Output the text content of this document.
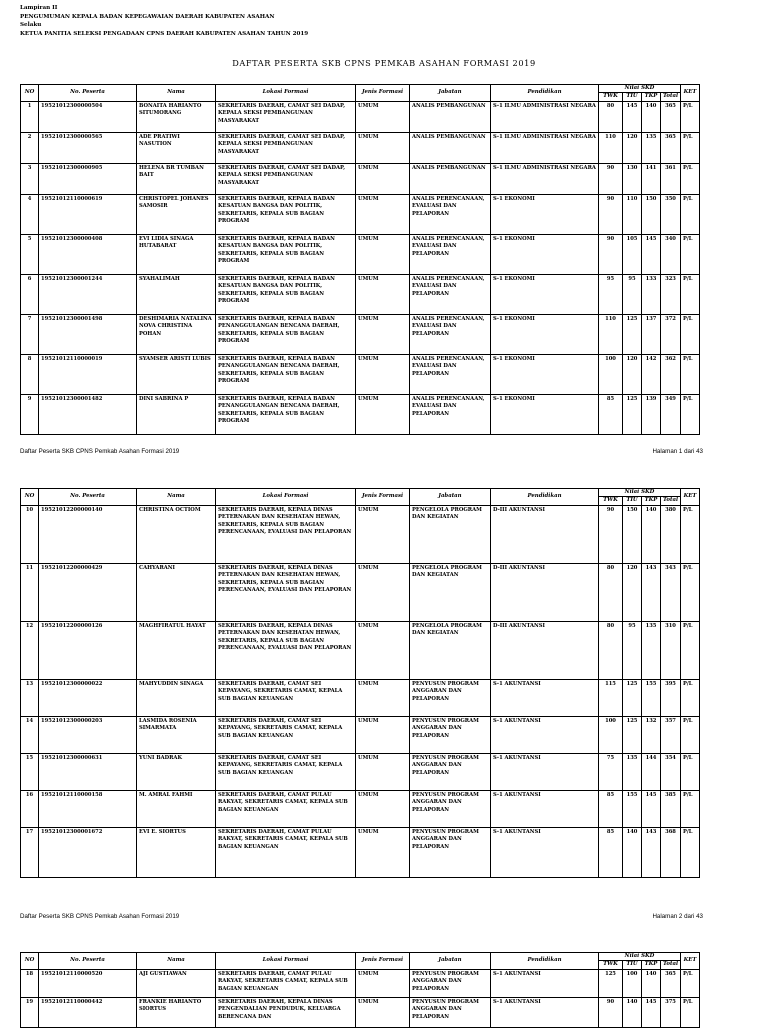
Lampiran II
PENGUMUMAN KEPALA BADAN KEPEGAWAIAN DAERAH KABUPATEN ASAHAN
Selaku
KETUA PANITIA SELEKSI PENGADAAN CPNS DAERAH KABUPATEN ASAHAN TAHUN 2019
DAFTAR PESERTA SKB CPNS PEMKAB ASAHAN FORMASI 2019
NO	No. Peserta	Nama	Lokasi Formasi	Jenis Formasi	Jabatan	Pendidikan	Nilai SKD				KET
							TWK	TIU	TKP	Total	
1	19521012300000504	BONAITA HARIANTO SITUMORANG	SEKRETARIS DAERAH, CAMAT SEI DADAP, KEPALA SEKSI PEMBANGUNAN MASYARAKAT	UMUM	ANALIS PEMBANGUNAN	S-1 ILMU ADMINISTRASI NEGARA	80	145	140	365	P/L
2	19521012300000565	ADE PRATIWI NASUTION	SEKRETARIS DAERAH, CAMAT SEI DADAP, KEPALA SEKSI PEMBANGUNAN MASYARAKAT	UMUM	ANALIS PEMBANGUNAN	S-1 ILMU ADMINISTRASI NEGARA	110	120	135	365	P/L
3	19521012300000905	HELENA BR TUMBAN BAIT	SEKRETARIS DAERAH, CAMAT SEI DADAP, KEPALA SEKSI PEMBANGUNAN MASYARAKAT	UMUM	ANALIS PEMBANGUNAN	S-1 ILMU ADMINISTRASI NEGARA	90	130	141	361	P/L
4	19521012110000619	CHRISTOPEL JOHANES SAMOSIR	SEKRETARIS DAERAH, KEPALA BADAN KESATUAN BANGSA DAN POLITIK, SEKRETARIS, KEPALA SUB BAGIAN PROGRAM	UMUM	ANALIS PERENCANAAN, EVALUASI DAN PELAPORAN	S-1 EKONOMI	90	110	150	350	P/L
5	19521012300000408	EVI LIDIA SINAGA HUTABARAT	SEKRETARIS DAERAH, KEPALA BADAN KESATUAN BANGSA DAN POLITIK, SEKRETARIS, KEPALA SUB BAGIAN PROGRAM	UMUM	ANALIS PERENCANAAN, EVALUASI DAN PELAPORAN	S-1 EKONOMI	90	105	145	340	P/L
6	19521012300001244	SYAHALIMAH	SEKRETARIS DAERAH, KEPALA BADAN KESATUAN BANGSA DAN POLITIK, SEKRETARIS, KEPALA SUB BAGIAN PROGRAM	UMUM	ANALIS PERENCANAAN, EVALUASI DAN PELAPORAN	S-1 EKONOMI	95	95	133	323	P/L
7	19521012300001498	DESHIMARIA NATALINA NOVA CHRISTINA POHAN	SEKRETARIS DAERAH, KEPALA BADAN PENANGGULANGAN BENCANA DAERAH, SEKRETARIS, KEPALA SUB BAGIAN PROGRAM	UMUM	ANALIS PERENCANAAN, EVALUASI DAN PELAPORAN	S-1 EKONOMI	110	125	137	372	P/L
8	19521012110000019	SYAMSER ARISTI LUBIS	SEKRETARIS DAERAH, KEPALA BADAN PENANGGULANGAN BENCANA DAERAH, SEKRETARIS, KEPALA SUB BAGIAN PROGRAM	UMUM	ANALIS PERENCANAAN, EVALUASI DAN PELAPORAN	S-1 EKONOMI	100	120	142	362	P/L
9	19521012300001482	DINI SABRINA P	SEKRETARIS DAERAH, KEPALA BADAN PENANGGULANGAN BENCANA DAERAH, SEKRETARIS, KEPALA SUB BAGIAN PROGRAM	UMUM	ANALIS PERENCANAAN, EVALUASI DAN PELAPORAN	S-1 EKONOMI	85	125	139	349	P/L
NO	No. Peserta	Nama	Lokasi Formasi	Jenis Formasi	Jabatan	Pendidikan	Nilai SKD				KET
							TWK	TIU	TKP	Total	
10	19521012200000140	CHRISTINA OCTIOM	SEKRETARIS DAERAH, KEPALA DINAS PETERNAKAN DAN KESEHATAN HEWAN, SEKRETARIS, KEPALA SUB BAGIAN PERENCANAAN, EVALUASI DAN PELAPORAN	UMUM	PENGELOLA PROGRAM DAN KEGIATAN	D-III AKUNTANSI	90	150	140	380	P/L
11	19521012200000429	CAHYARANI	SEKRETARIS DAERAH, KEPALA DINAS PETERNAKAN DAN KESEHATAN HEWAN, SEKRETARIS, KEPALA SUB BAGIAN PERENCANAAN, EVALUASI DAN PELAPORAN	UMUM	PENGELOLA PROGRAM DAN KEGIATAN	D-III AKUNTANSI	80	120	143	343	P/L
12	19521012200000126	MAGHFIRATUL HAYAT	SEKRETARIS DAERAH, KEPALA DINAS PETERNAKAN DAN KESEHATAN HEWAN, SEKRETARIS, KEPALA SUB BAGIAN PERENCANAAN, EVALUASI DAN PELAPORAN	UMUM	PENGELOLA PROGRAM DAN KEGIATAN	D-III AKUNTANSI	80	95	135	310	P/L
13	19521012300000022	MAHYUDDIN SINAGA	SEKRETARIS DAERAH, CAMAT SEI KEPAYANG, SEKRETARIS CAMAT, KEPALA SUB BAGIAN KEUANGAN	UMUM	PENYUSUN PROGRAM ANGGARAN DAN PELAPORAN	S-1 AKUNTANSI	115	125	155	395	P/L
14	19521012300000203	LASMIDA ROSENIA SIMARMATA	SEKRETARIS DAERAH, CAMAT SEI KEPAYANG, SEKRETARIS CAMAT, KEPALA SUB BAGIAN KEUANGAN	UMUM	PENYUSUN PROGRAM ANGGARAN DAN PELAPORAN	S-1 AKUNTANSI	100	125	132	357	P/L
15	19521012300000631	YUNI BADRAK	SEKRETARIS DAERAH, CAMAT SEI KEPAYANG, SEKRETARIS CAMAT, KEPALA SUB BAGIAN KEUANGAN	UMUM	PENYUSUN PROGRAM ANGGARAN DAN PELAPORAN	S-1 AKUNTANSI	75	135	144	354	P/L
16	19521012110000158	M. AMRAL FAHMI	SEKRETARIS DAERAH, CAMAT PULAU RAKYAT, SEKRETARIS CAMAT, KEPALA SUB BAGIAN KEUANGAN	UMUM	PENYUSUN PROGRAM ANGGARAN DAN PELAPORAN	S-1 AKUNTANSI	85	155	145	385	P/L
17	19521012300001672	EVI E. SIORTUS	SEKRETARIS DAERAH, CAMAT PULAU RAKYAT, SEKRETARIS CAMAT, KEPALA SUB BAGIAN KEUANGAN	UMUM	PENYUSUN PROGRAM ANGGARAN DAN PELAPORAN	S-1 AKUNTANSI	85	140	143	368	P/L
NO	No. Peserta	Nama	Lokasi Formasi	Jenis Formasi	Jabatan	Pendidikan	Nilai SKD				KET
							TWK	TIU	TKP	Total	
18	19521012110000520	AJI GUSTIAWAN	SEKRETARIS DAERAH, CAMAT PULAU RAKYAT, SEKRETARIS CAMAT, KEPALA SUB BAGIAN KEUANGAN	UMUM	PENYUSUN PROGRAM ANGGARAN DAN PELAPORAN	S-1 AKUNTANSI	125	100	140	365	P/L
19	19521012110000442	FRANKIE HARIANTO SIORTUS	SEKRETARIS DAERAH, KEPALA DINAS PENGENDALIAN PENDUDUK, KELUARGA BERENCANA DAN	UMUM	PENYUSUN PROGRAM ANGGARAN DAN PELAPORAN	S-1 AKUNTANSI	90	140	145	375	P/L
Daftar Peserta SKB CPNS Pemkab Asahan Formasi 2019	Halaman 1 dari 43
Daftar Peserta SKB CPNS Pemkab Asahan Formasi 2019	Halaman 2 dari 43
